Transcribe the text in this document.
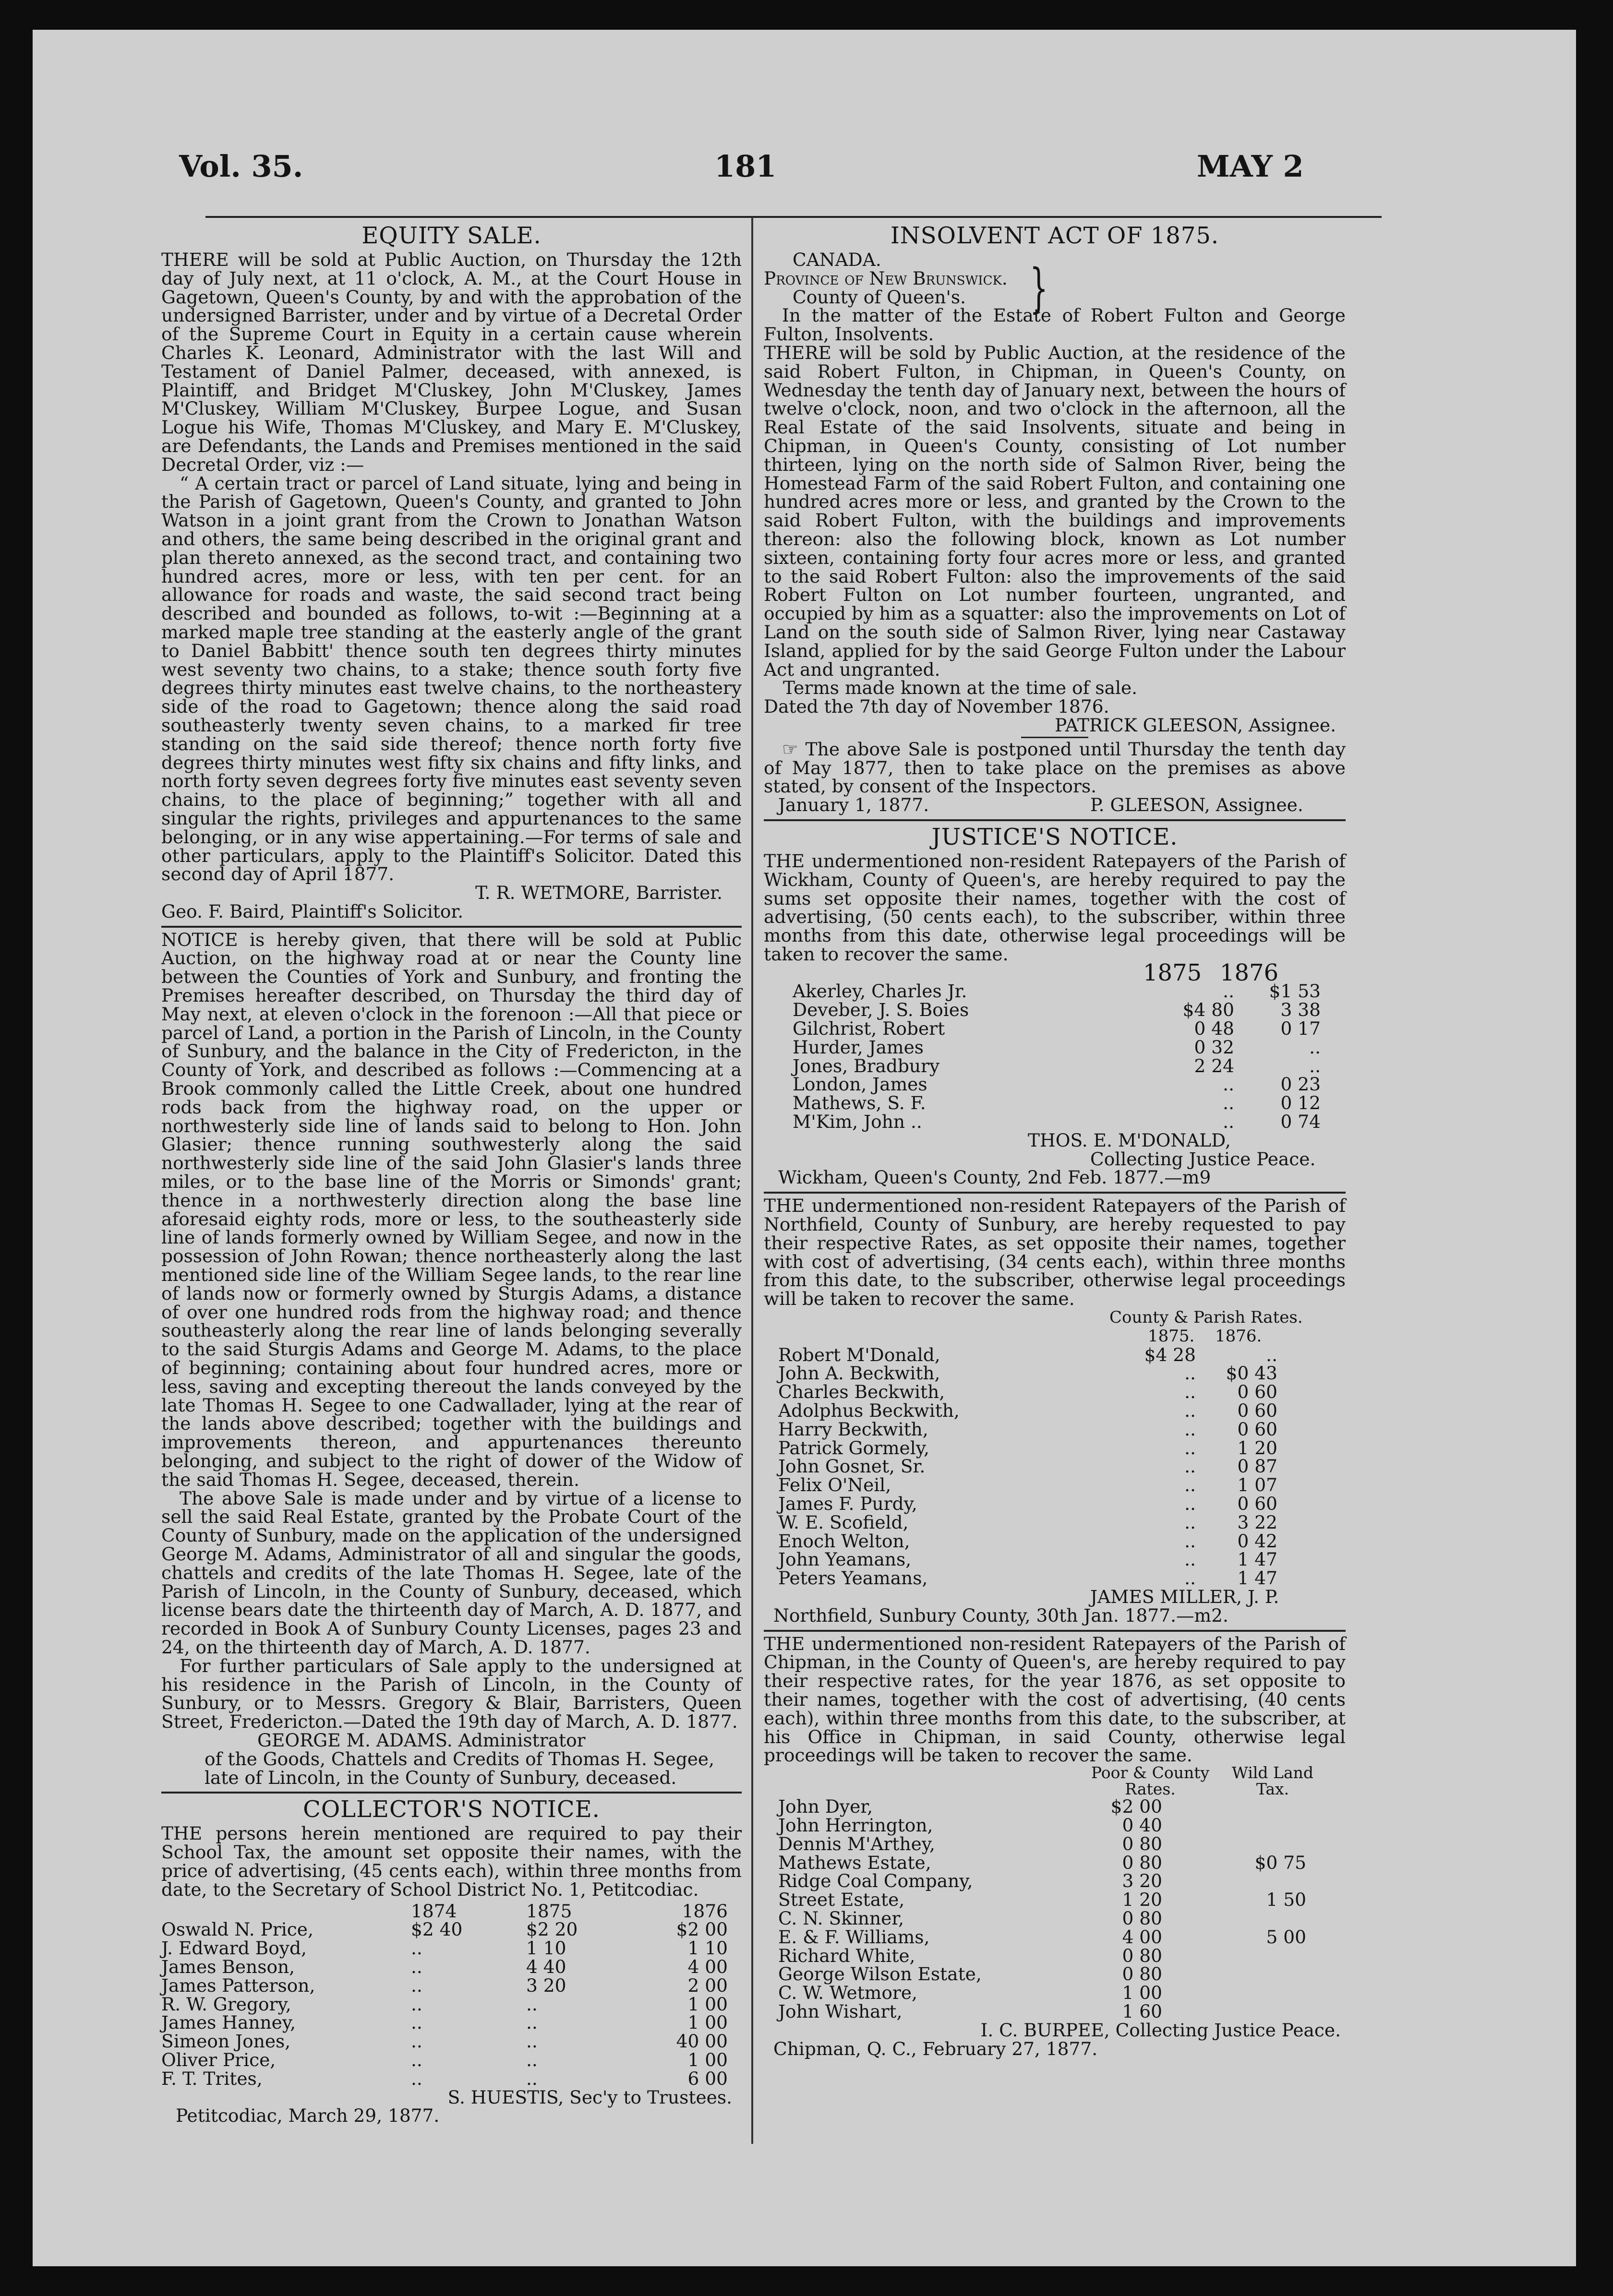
Vol. 35.	181	MAY 2
EQUITY SALE.

THERE will be sold at Public Auction, on Thursday the 12th day of July next, at 11 o'clock, A. M., at the Court House in Gagetown, Queen's County, by and with the approbation of the undersigned Barrister, under and by virtue of a Decretal Order of the Supreme Court in Equity in a certain cause wherein Charles K. Leonard, Administrator with the last Will and Testament of Daniel Palmer, deceased, with annexed, is Plaintiff, and Bridget M'Cluskey, John M'Cluskey, James M'Cluskey, William M'Cluskey, Burpee Logue, and Susan Logue his Wife, Thomas M'Cluskey, and Mary E. M'Cluskey, are Defendants, the Lands and Premises mentioned in the said Decretal Order, viz :—

“ A certain tract or parcel of Land situate, lying and being in the Parish of Gagetown, Queen's County, and granted to John Watson in a joint grant from the Crown to Jonathan Watson and others, the same being described in the original grant and plan thereto annexed, as the second tract, and containing two hundred acres, more or less, with ten per cent. for an allowance for roads and waste, the said second tract being described and bounded as follows, to-wit :—Beginning at a marked maple tree standing at the easterly angle of the grant to Daniel Babbitt' thence south ten degrees thirty minutes west seventy two chains, to a stake; thence south forty five degrees thirty minutes east twelve chains, to the northeastery side of the road to Gagetown; thence along the said road southeasterly twenty seven chains, to a marked fir tree standing on the said side thereof; thence north forty five degrees thirty minutes west fifty six chains and fifty links, and north forty seven degrees forty five minutes east seventy seven chains, to the place of beginning;” together with all and singular the rights, privileges and appurtenances to the same belonging, or in any wise appertaining.—For terms of sale and other particulars, apply to the Plaintiff's Solicitor. Dated this second day of April 1877.

T. R. WETMORE, Barrister.
Geo. F. Baird, Plaintiff's Solicitor.

NOTICE is hereby given, that there will be sold at Public Auction, on the highway road at or near the County line between the Counties of York and Sunbury, and fronting the Premises hereafter described, on Thursday the third day of May next, at eleven o'clock in the forenoon :—All that piece or parcel of Land, a portion in the Parish of Lincoln, in the County of Sunbury, and the balance in the City of Fredericton, in the County of York, and described as follows :—Commencing at a Brook commonly called the Little Creek, about one hundred rods back from the highway road, on the upper or northwesterly side line of lands said to belong to Hon. John Glasier; thence running southwesterly along the said northwesterly side line of the said John Glasier's lands three miles, or to the base line of the Morris or Simonds' grant; thence in a northwesterly direction along the base line aforesaid eighty rods, more or less, to the southeasterly side line of lands formerly owned by William Segee, and now in the possession of John Rowan; thence northeasterly along the last mentioned side line of the William Segee lands, to the rear line of lands now or formerly owned by Sturgis Adams, a distance of over one hundred rods from the highway road; and thence southeasterly along the rear line of lands belonging severally to the said Sturgis Adams and George M. Adams, to the place of beginning; containing about four hundred acres, more or less, saving and excepting thereout the lands conveyed by the late Thomas H. Segee to one Cadwallader, lying at the rear of the lands above described; together with the buildings and improvements thereon, and appurtenances thereunto belonging, and subject to the right of dower of the Widow of the said Thomas H. Segee, deceased, therein.

The above Sale is made under and by virtue of a license to sell the said Real Estate, granted by the Probate Court of the County of Sunbury, made on the application of the undersigned George M. Adams, Administrator of all and singular the goods, chattels and credits of the late Thomas H. Segee, late of the Parish of Lincoln, in the County of Sunbury, deceased, which license bears date the thirteenth day of March, A. D. 1877, and recorded in Book A of Sunbury County Licenses, pages 23 and 24, on the thirteenth day of March, A. D. 1877.

For further particulars of Sale apply to the undersigned at his residence in the Parish of Lincoln, in the County of Sunbury, or to Messrs. Gregory & Blair, Barristers, Queen Street, Fredericton.—Dated the 19th day of March, A. D. 1877.

GEORGE M. ADAMS. Administrator
of the Goods, Chattels and Credits of Thomas H. Segee,
late of Lincoln, in the County of Sunbury, deceased.
COLLECTOR'S NOTICE.

THE persons herein mentioned are required to pay their School Tax, the amount set opposite their names, with the price of advertising, (45 cents each), within three months from date, to the Secretary of School District No. 1, Petitcodiac.

1874	1875	1876
Oswald N. Price,	$2 40	$2 20	$2 00
J. Edward Boyd,	..	1 10	1 10
James Benson,	..	4 40	4 00
James Patterson,	..	3 20	2 00
R. W. Gregory,	..	..	1 00
James Hanney,	..	..	1 00
Simeon Jones,	..	..	40 00
Oliver Price,	..	..	1 00
F. T. Trites,	..	..	6 00
S. HUESTIS, Sec'y to Trustees.
Petitcodiac, March 29, 1877.
INSOLVENT ACT OF 1875.
CANADA.
Province of New Brunswick.
County of Queen's.	}

In the matter of the Estate of Robert Fulton and George Fulton, Insolvents.

THERE will be sold by Public Auction, at the residence of the said Robert Fulton, in Chipman, in Queen's County, on Wednesday the tenth day of January next, between the hours of twelve o'clock, noon, and two o'clock in the afternoon, all the Real Estate of the said Insolvents, situate and being in Chipman, in Queen's County, consisting of Lot number thirteen, lying on the north side of Salmon River, being the Homestead Farm of the said Robert Fulton, and containing one hundred acres more or less, and granted by the Crown to the said Robert Fulton, with the buildings and improvements thereon: also the following block, known as Lot number sixteen, containing forty four acres more or less, and granted to the said Robert Fulton: also the improvements of the said Robert Fulton on Lot number fourteen, ungranted, and occupied by him as a squatter: also the improvements on Lot of Land on the south side of Salmon River, lying near Castaway Island, applied for by the said George Fulton under the Labour Act and ungranted.

Terms made known at the time of sale.
Dated the 7th day of November 1876.
PATRICK GLEESON, Assignee.

☞ The above Sale is postponed until Thursday the tenth day of May 1877, then to take place on the premises as above stated, by consent of the Inspectors.

January 1, 1877.	P. GLEESON, Assignee.
JUSTICE'S NOTICE.

THE undermentioned non-resident Ratepayers of the Parish of Wickham, County of Queen's, are hereby required to pay the sums set opposite their names, together with the cost of advertising, (50 cents each), to the subscriber, within three months from this date, otherwise legal proceedings will be taken to recover the same.

1875 1876
Akerley, Charles Jr.	..	$1 53
Deveber, J. S. Boies	$4 80	3 38
Gilchrist, Robert	0 48	0 17
Hurder, James	0 32	..
Jones, Bradbury	2 24	..
London, James	..	0 23
Mathews, S. F.	..	0 12
M'Kim, John ..	..	0 74
THOS. E. M'DONALD,
Collecting Justice Peace.
Wickham, Queen's County, 2nd Feb. 1877.—m9

THE undermentioned non-resident Ratepayers of the Parish of Northfield, County of Sunbury, are hereby requested to pay their respective Rates, as set opposite their names, together with cost of advertising, (34 cents each), within three months from this date, to the subscriber, otherwise legal proceedings will be taken to recover the same.

County & Parish Rates.
1875.	1876.
Robert M'Donald,	$4 28	..
John A. Beckwith,	..	$0 43
Charles Beckwith,	..	0 60
Adolphus Beckwith,	..	0 60
Harry Beckwith,	..	0 60
Patrick Gormely,	..	1 20
John Gosnet, Sr.	..	0 87
Felix O'Neil,	..	1 07
James F. Purdy,	..	0 60
W. E. Scofield,	..	3 22
Enoch Welton,	..	0 42
John Yeamans,	..	1 47
Peters Yeamans,	..	1 47
JAMES MILLER, J. P.
Northfield, Sunbury County, 30th Jan. 1877.—m2.

THE undermentioned non-resident Ratepayers of the Parish of Chipman, in the County of Queen's, are hereby required to pay their respective rates, for the year 1876, as set opposite to their names, together with the cost of advertising, (40 cents each), within three months from this date, to the subscriber, at his Office in Chipman, in said County, otherwise legal proceedings will be taken to recover the same.

Poor & County
Rates.
Wild Land
Tax.
John Dyer,	$2 00
John Herrington,	0 40
Dennis M'Arthey,	0 80
Mathews Estate,	0 80	$0 75
Ridge Coal Company,	3 20
Street Estate,	1 20	1 50
C. N. Skinner,	0 80
E. & F. Williams,	4 00	5 00
Richard White,	0 80
George Wilson Estate,	0 80
C. W. Wetmore,	1 00
John Wishart,	1 60
I. C. BURPEE, Collecting Justice Peace.
Chipman, Q. C., February 27, 1877.
